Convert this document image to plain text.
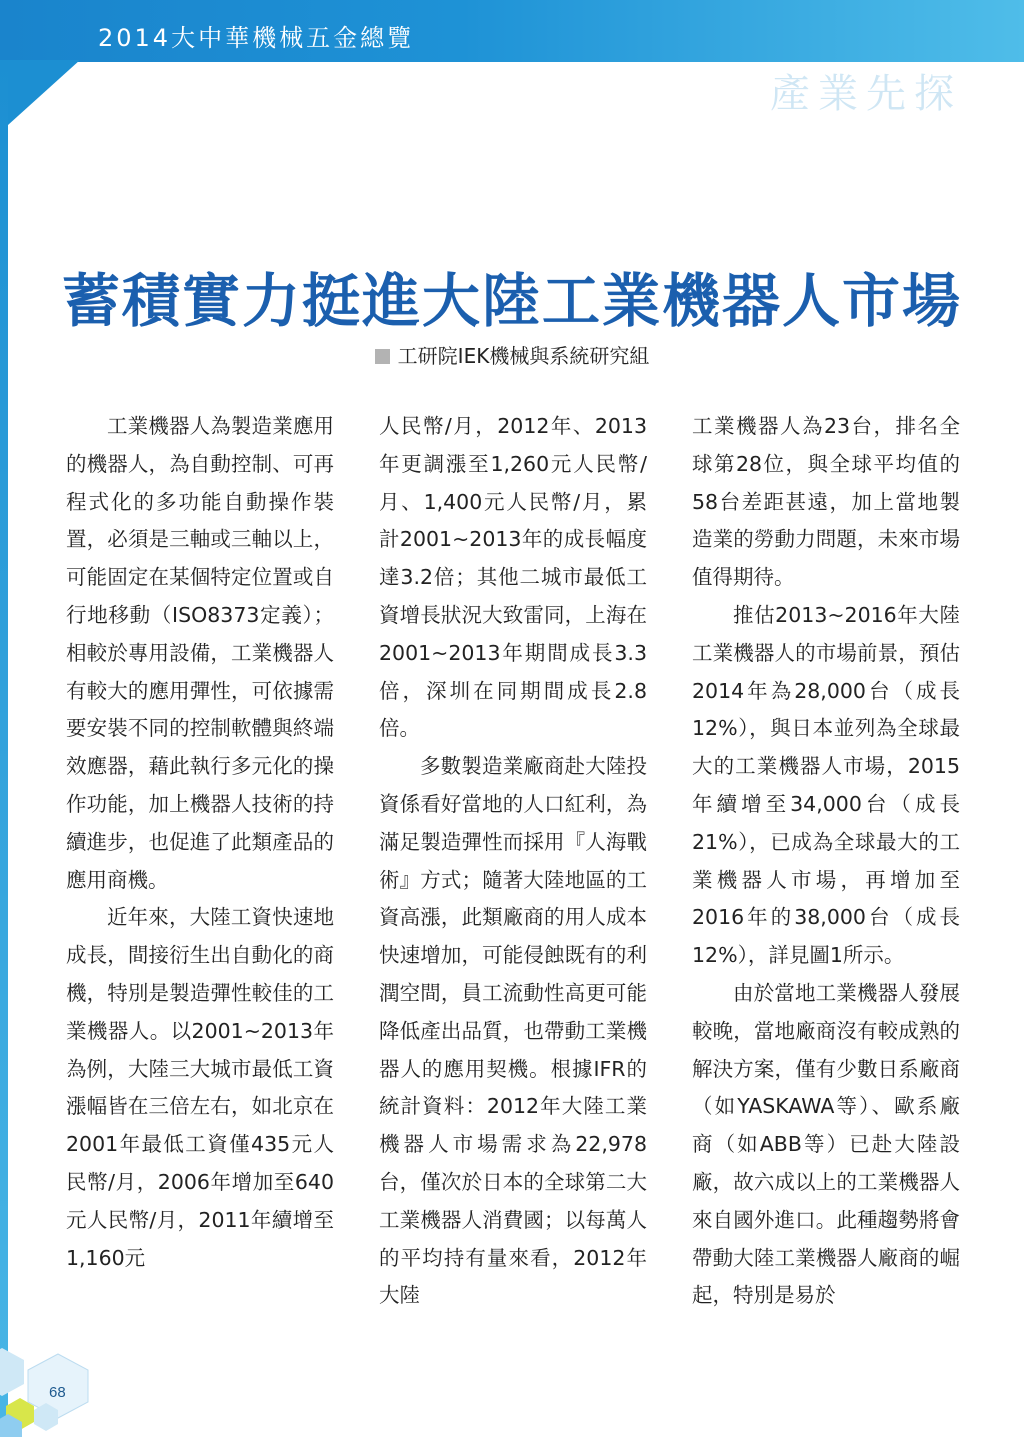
2014大中華機械五金總覽
產業先探
蓄積實力挺進大陸工業機器人市場
工研院IEK機械與系統研究組

工業機器人為製造業應用的機器人，為自動控制、可再程式化的多功能自動操作裝置，必須是三軸或三軸以上，可能固定在某個特定位置或自行地移動（ISO8373定義）；相較於專用設備，工業機器人有較大的應用彈性，可依據需要安裝不同的控制軟體與終端效應器，藉此執行多元化的操作功能，加上機器人技術的持續進步，也促進了此類產品的應用商機。

近年來，大陸工資快速地成長，間接衍生出自動化的商機，特別是製造彈性較佳的工業機器人。以2001~2013年為例，大陸三大城市最低工資漲幅皆在三倍左右，如北京在2001年最低工資僅435元人民幣/月，2006年增加至640元人民幣/月，2011年續增至1,160元

人民幣/月，2012年、2013年更調漲至1,260元人民幣/月、1,400元人民幣/月，累計2001~2013年的成長幅度達3.2倍；其他二城市最低工資增長狀況大致雷同，上海在2001~2013年期間成長3.3倍，深圳在同期間成長2.8倍。

多數製造業廠商赴大陸投資係看好當地的人口紅利，為滿足製造彈性而採用『人海戰術』方式；隨著大陸地區的工資高漲，此類廠商的用人成本快速增加，可能侵蝕既有的利潤空間，員工流動性高更可能降低產出品質，也帶動工業機器人的應用契機。根據IFR的統計資料：2012年大陸工業機器人市場需求為22,978台，僅次於日本的全球第二大工業機器人消費國；以每萬人的平均持有量來看，2012年大陸

工業機器人為23台，排名全球第28位，與全球平均值的58台差距甚遠，加上當地製造業的勞動力問題，未來市場值得期待。

推估2013~2016年大陸工業機器人的市場前景，預估2014年為28,000台（成長12%），與日本並列為全球最大的工業機器人市場，2015年續增至34,000台（成長21%），已成為全球最大的工業機器人市場，再增加至2016年的38,000台（成長12%），詳見圖1所示。

由於當地工業機器人發展較晚，當地廠商沒有較成熟的解決方案，僅有少數日系廠商（如YASKAWA等）、歐系廠商（如ABB等）已赴大陸設廠，故六成以上的工業機器人來自國外進口。此種趨勢將會帶動大陸工業機器人廠商的崛起，特別是易於

68
